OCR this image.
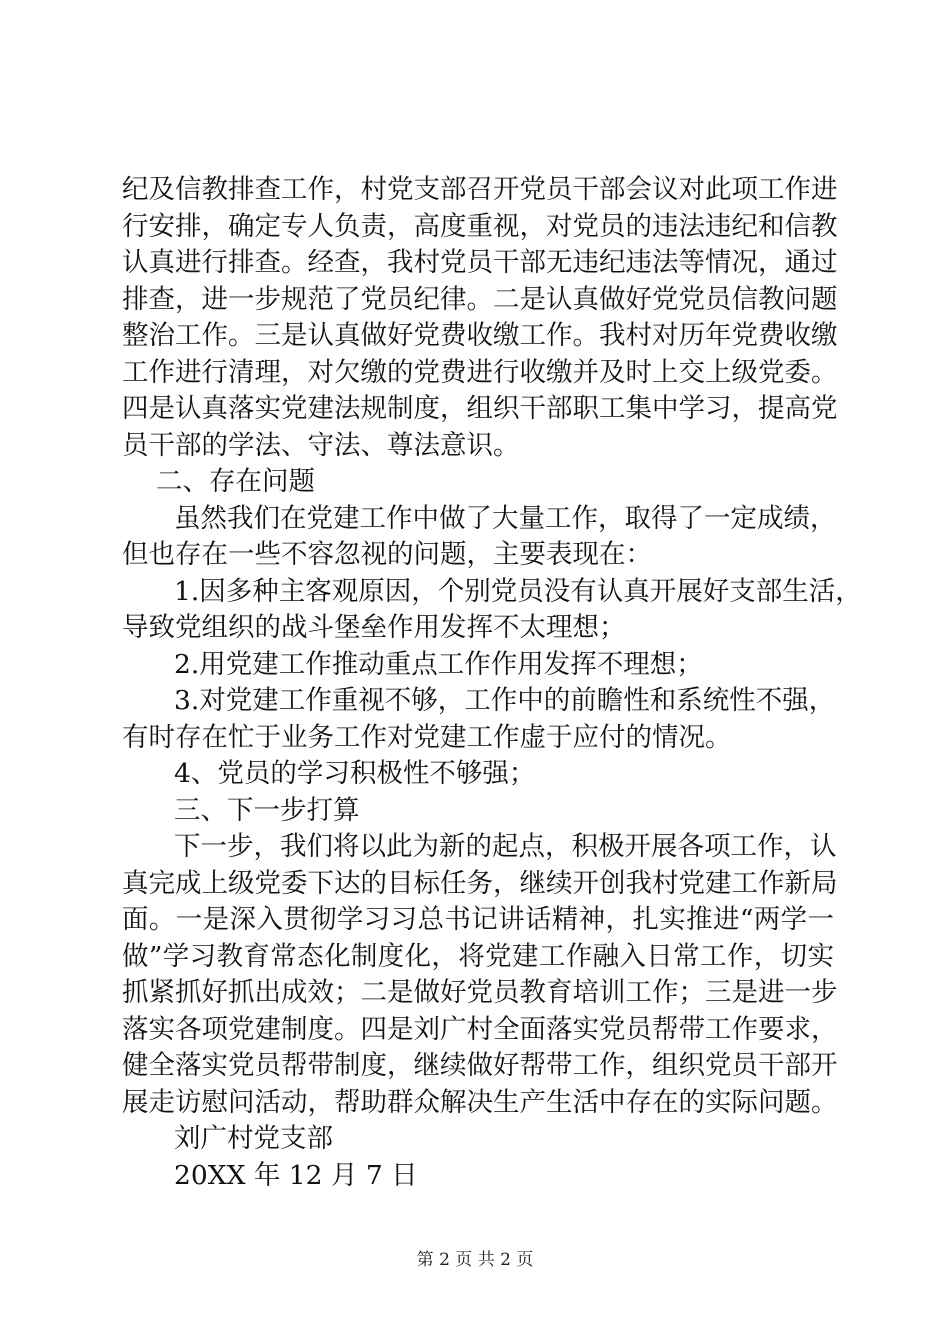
纪及信教排查工作，村党支部召开党员干部会议对此项工作进
行安排，确定专人负责，高度重视，对党员的违法违纪和信教
认真进行排查。经查，我村党员干部无违纪违法等情况，通过
排查，进一步规范了党员纪律。二是认真做好党党员信教问题
整治工作。三是认真做好党费收缴工作。我村对历年党费收缴
工作进行清理，对欠缴的党费进行收缴并及时上交上级党委。
四是认真落实党建法规制度，组织干部职工集中学习，提高党
员干部的学法、守法、尊法意识。
二、存在问题
虽然我们在党建工作中做了大量工作，取得了一定成绩，
但也存在一些不容忽视的问题，主要表现在：
1.因多种主客观原因，个别党员没有认真开展好支部生活，
导致党组织的战斗堡垒作用发挥不太理想；
2.用党建工作推动重点工作作用发挥不理想；
3.对党建工作重视不够，工作中的前瞻性和系统性不强，
有时存在忙于业务工作对党建工作虚于应付的情况。
4、党员的学习积极性不够强；
三、下一步打算
下一步，我们将以此为新的起点，积极开展各项工作，认
真完成上级党委下达的目标任务，继续开创我村党建工作新局
面。一是深入贯彻学习习总书记讲话精神，扎实推进“两学一
做”学习教育常态化制度化，将党建工作融入日常工作，切实
抓紧抓好抓出成效；二是做好党员教育培训工作；三是进一步
落实各项党建制度。四是刘广村全面落实党员帮带工作要求，
健全落实党员帮带制度，继续做好帮带工作，组织党员干部开
展走访慰问活动，帮助群众解决生产生活中存在的实际问题。
刘广村党支部
20XX 年 12 月 7 日
第 2 页 共 2 页
